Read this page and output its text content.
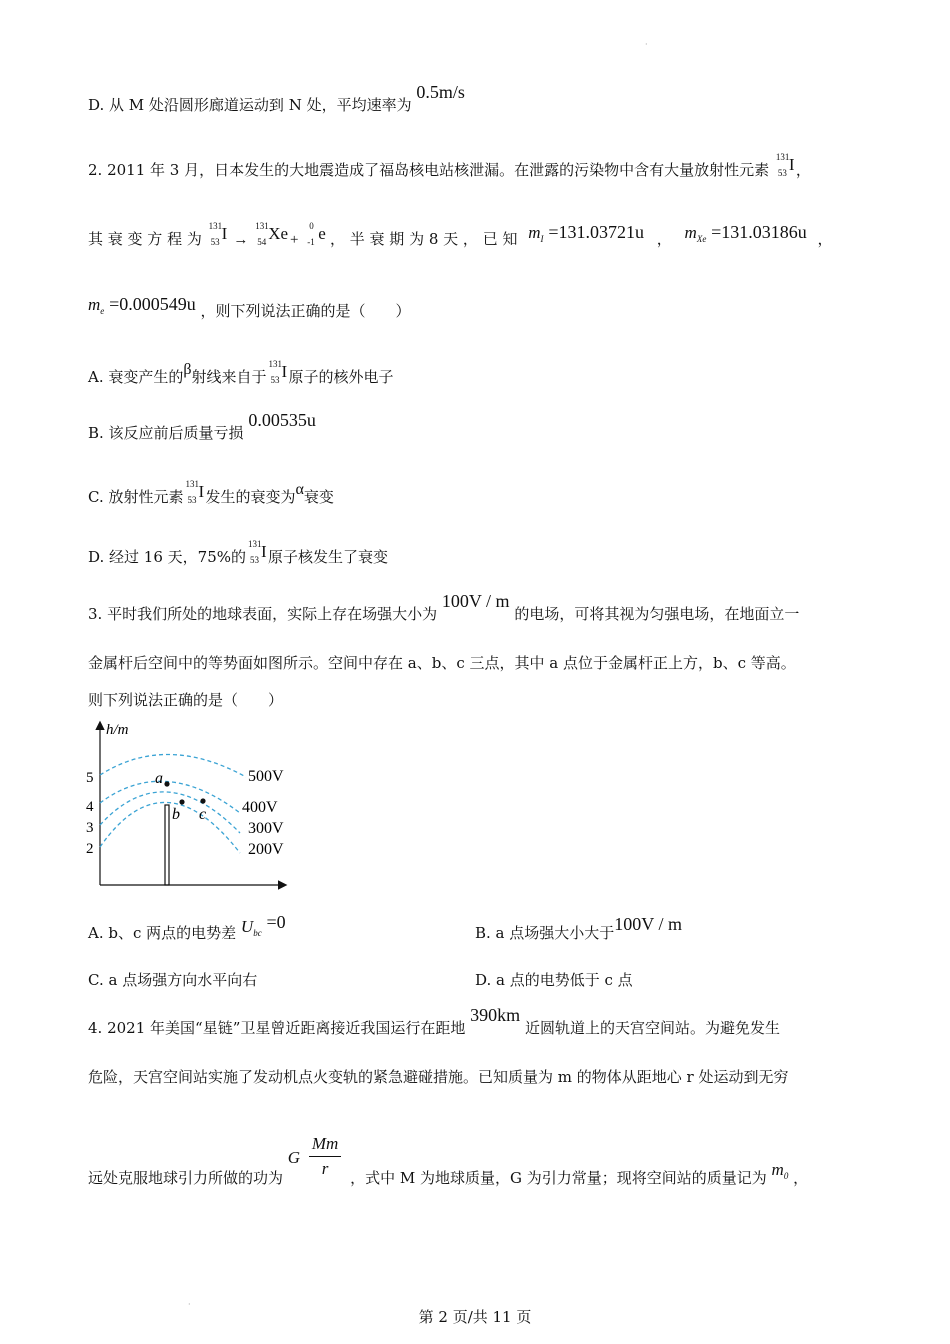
·
D. 从 M 处沿圆形廊道运动到 N 处，平均速率为 0.5m/s
2. 2011 年 3 月，日本发生的大地震造成了福岛核电站核泄漏。在泄露的污染物中含有大量放射性元素
131
53 I ，
其 衰 变 方 程 为
131
53 I →
131
54 Xe +
0
-1 e ， 半 衰 期 为 8 天 ， 已 知 $m_I =131.03721u$ ， $m_{Xe} =131.03186u$ ，
$m_e =0.000549u$ ，则下列说法正确的是（　　）
A. 衰变产生的β射线来自于
131
53 I 原子的核外电子
B. 该反应前后质量亏损 0.00535u
C. 放射性元素
131
53 I 发生的衰变为α衰变
D. 经过 16 天，75%的
131
53 I 原子核发生了衰变
3. 平时我们所处的地球表面，实际上存在场强大小为 100V / m 的电场，可将其视为匀强电场，在地面立一
金属杆后空间中的等势面如图所示。空间中存在 a、b、c 三点，其中 a 点位于金属杆正上方，b、c 等高。
则下列说法正确的是（　　）
h/m
5
4
3
2
500V
400V
300V
200V
a
b c
A. b、c 两点的电势差 $U_{bc} =0$
B. a 点场强大小大于100V / m
C. a 点场强方向水平向右	D. a 点的电势低于 c 点
4. 2021 年美国“星链”卫星曾近距离接近我国运行在距地 390km 近圆轨道上的天宫空间站。为避免发生
危险，天宫空间站实施了发动机点火变轨的紧急避碰措施。已知质量为 m 的物体从距地心 r 处运动到无穷
远处克服地球引力所做的功为 G $\frac{Mm}{r}$ ，式中 M 为地球质量，G 为引力常量；现将空间站的质量记为 $m_0$ ，
·
第 2 页/共 11 页
